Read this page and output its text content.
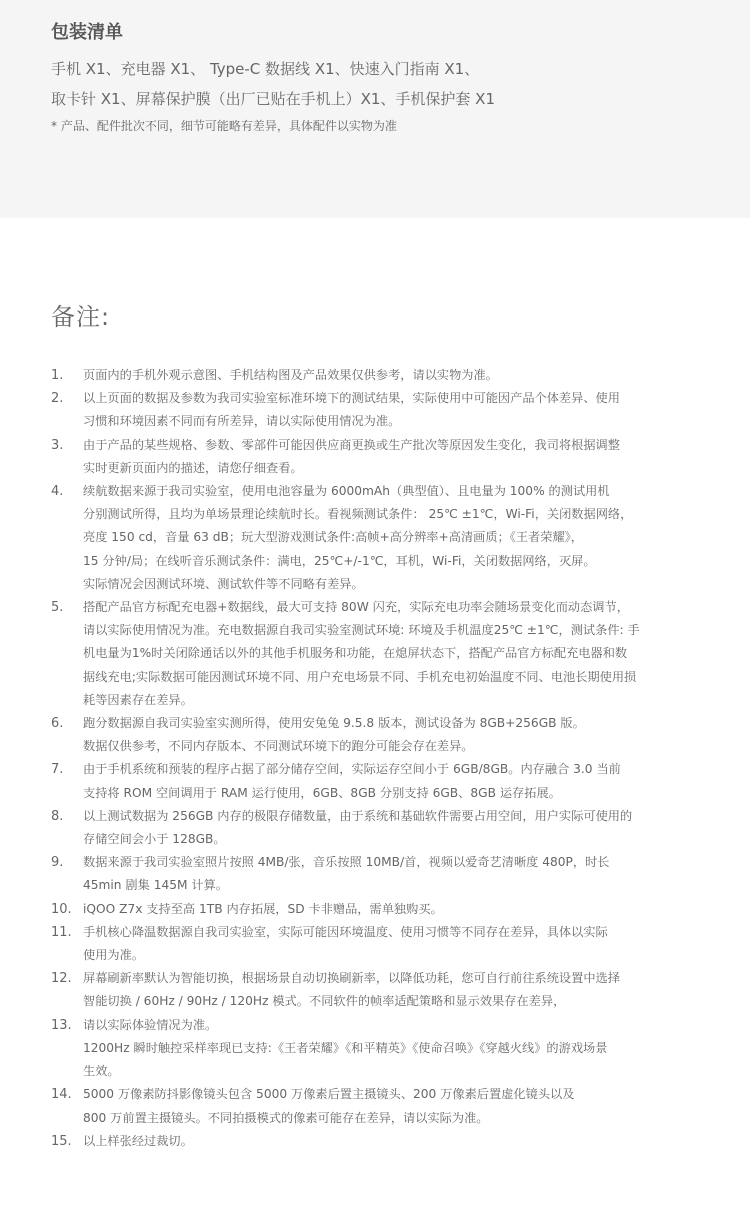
包装清单
手机 X1、充电器 X1、 Type-C 数据线 X1、快速入门指南 X1、
取卡针 X1、屏幕保护膜（出厂已贴在手机上）X1、手机保护套 X1
* 产品、配件批次不同，细节可能略有差异，具体配件以实物为准
备注:
1. 页面内的手机外观示意图、手机结构图及产品效果仅供参考，请以实物为准。
2. 以上页面的数据及参数为我司实验室标准环境下的测试结果，实际使用中可能因产品个体差异、使用
习惯和环境因素不同而有所差异，请以实际使用情况为准。
3. 由于产品的某些规格、参数、零部件可能因供应商更换或生产批次等原因发生变化，我司将根据调整
实时更新页面内的描述，请您仔细查看。
4. 续航数据来源于我司实验室，使用电池容量为 6000mAh（典型值）、且电量为 100% 的测试用机
分别测试所得，且均为单场景理论续航时长。看视频测试条件： 25℃ ±1℃，Wi-Fi，关闭数据网络，
亮度 150 cd，音量 63 dB；玩大型游戏测试条件:高帧+高分辨率+高清画质；《王者荣耀》，
15 分钟/局；在线听音乐测试条件：满电，25℃+/-1℃，耳机，Wi-Fi，关闭数据网络，灭屏。
实际情况会因测试环境、测试软件等不同略有差异。
5. 搭配产品官方标配充电器+数据线，最大可支持 80W 闪充，实际充电功率会随场景变化而动态调节，
请以实际使用情况为准。充电数据源自我司实验室测试环境: 环境及手机温度25℃ ±1℃，测试条件: 手
机电量为1%时关闭除通话以外的其他手机服务和功能，在熄屏状态下，搭配产品官方标配充电器和数
据线充电;实际数据可能因测试环境不同、用户充电场景不同、手机充电初始温度不同、电池长期使用损
耗等因素存在差异。
6. 跑分数据源自我司实验室实测所得，使用安兔兔 9.5.8 版本，测试设备为 8GB+256GB 版。
数据仅供参考，不同内存版本、不同测试环境下的跑分可能会存在差异。
7. 由于手机系统和预装的程序占据了部分储存空间，实际运存空间小于 6GB/8GB。内存融合 3.0 当前
支持将 ROM 空间调用于 RAM 运行使用，6GB、8GB 分别支持 6GB、8GB 运存拓展。
8. 以上测试数据为 256GB 内存的极限存储数量，由于系统和基础软件需要占用空间，用户实际可使用的
存储空间会小于 128GB。
9. 数据来源于我司实验室照片按照 4MB/张，音乐按照 10MB/首，视频以爱奇艺清晰度 480P，时长
45min 剧集 145M 计算。
10. iQOO Z7x 支持至高 1TB 内存拓展，SD 卡非赠品，需单独购买。
11. 手机核心降温数据源自我司实验室，实际可能因环境温度、使用习惯等不同存在差异，具体以实际
使用为准。
12. 屏幕刷新率默认为智能切换，根据场景自动切换刷新率，以降低功耗，您可自行前往系统设置中选择
智能切换 / 60Hz / 90Hz / 120Hz 模式。不同软件的帧率适配策略和显示效果存在差异，
13. 请以实际体验情况为准。
1200Hz 瞬时触控采样率现已支持:《王者荣耀》《和平精英》《使命召唤》《穿越火线》的游戏场景
生效。
14. 5000 万像素防抖影像镜头包含 5000 万像素后置主摄镜头、200 万像素后置虚化镜头以及
800 万前置主摄镜头。不同拍摄模式的像素可能存在差异，请以实际为准。
15. 以上样张经过裁切。
